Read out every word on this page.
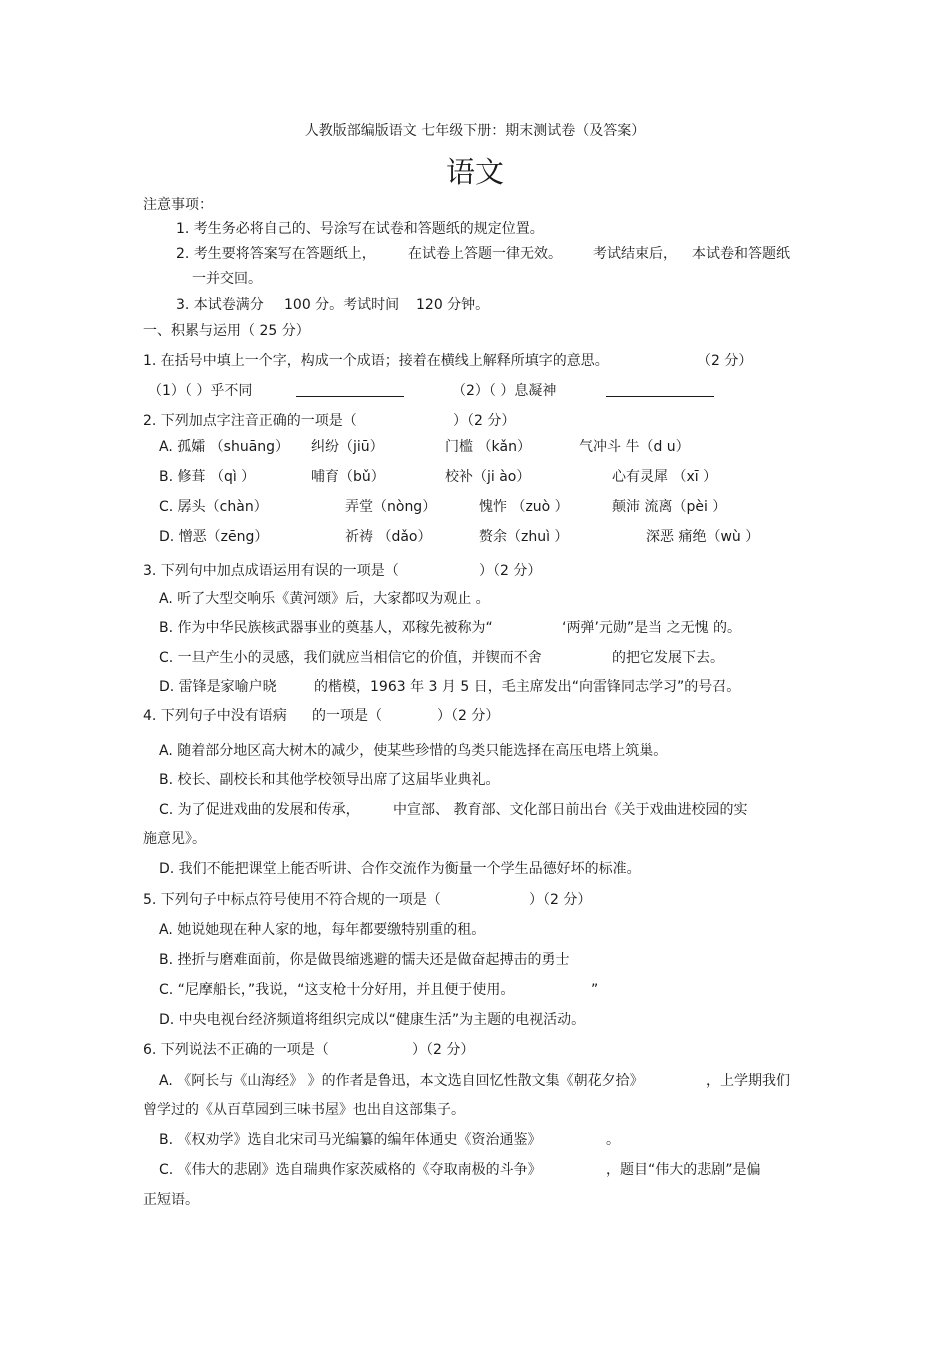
人教版部编版语文 七年级下册：期末测试卷（及答案）
语文
注意事项：
1. 考生务必将自己的、号涂写在试卷和答题纸的规定位置。
2. 考生要将答案写在答题纸上， 在试卷上答题一律无效。 考试结束后， 本试卷和答题纸
一并交回。
3. 本试卷满分 100 分。考试时间 120 分钟。
一、积累与运用（ 25 分）
1. 在括号中填上一个字，构成一个成语；接着在横线上解释所填字的意思。	（2 分）
（1）（ ）乎不同	（2）（ ）息凝神
2. 下列加点字注音正确的一项是（	）（2 分）
A. 孤孀 （shuāng） 纠纷（jiū）	门槛 （kǎn）	气冲斗 牛（d u）
B. 修葺 （qì ）	哺育（bǔ）	校补（ji ào）	心有灵犀 （xī ）
C. 孱头（chàn）	弄堂（nòng）	愧怍 （zuò ）	颠沛 流离（pèi ）
D. 憎恶（zēng）	祈祷 （dǎo）	赘余（zhuì ）	深恶 痛绝（wù ）
3. 下列句中加点成语运用有误的一项是（	）（2 分）
A. 听了大型交响乐《黄河颂》后，大家都叹为观止 。
B. 作为中华民族核武器事业的奠基人，邓稼先被称为“	‘两弹’元勋”是当 之无愧 的。
C. 一旦产生小的灵感，我们就应当相信它的价值，并锲而不舍	的把它发展下去。
D. 雷锋是家喻户晓	的楷模，1963 年 3 月 5 日，毛主席发出“向雷锋同志学习”的号召。
4. 下列句子中没有语病 的一项是（	）（2 分）
A. 随着部分地区高大树木的减少，使某些珍惜的鸟类只能选择在高压电塔上筑巢。
B. 校长、副校长和其他学校领导出席了这届毕业典礼。
C. 为了促进戏曲的发展和传承， 中宣部、 教育部、文化部日前出台《关于戏曲进校园的实
施意见》。
D. 我们不能把课堂上能否听讲、合作交流作为衡量一个学生品德好坏的标准。
5. 下列句子中标点符号使用不符合规的一项是（	）（2 分）
A. 她说她现在种人家的地，每年都要缴特别重的租。
B. 挫折与磨难面前，你是做畏缩逃避的懦夫还是做奋起搏击的勇士
C. “尼摩船长，”我说，“这支枪十分好用，并且便于使用。	”
D. 中央电视台经济频道将组织完成以“健康生活”为主题的电视活动。
6. 下列说法不正确的一项是（	）（2 分）
A. 《阿长与《山海经》 》的作者是鲁迅，本文选自回忆性散文集《朝花夕拾》	，上学期我们
曾学过的《从百草园到三味书屋》也出自这部集子。
B. 《权劝学》选自北宋司马光编纂的编年体通史《资治通鉴》	。
C. 《伟大的悲剧》选自瑞典作家茨威格的《夺取南极的斗争》	，题目“伟大的悲剧”是偏
正短语。
